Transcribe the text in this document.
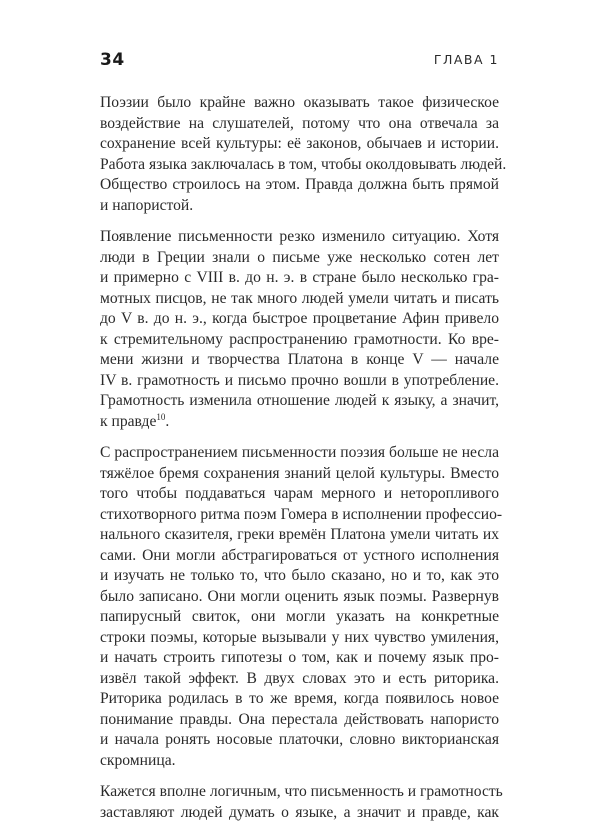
34	ГЛАВА 1
Поэзии было крайне важно оказывать такое физическое
воздействие на слушателей, потому что она отвечала за
сохранение всей культуры: её законов, обычаев и истории.
Работа языка заключалась в том, чтобы околдовывать людей.
Общество строилось на этом. Правда должна быть прямой
и напористой.
Появление письменности резко изменило ситуацию. Хотя
люди в Греции знали о письме уже несколько сотен лет
и примерно с VIII в. до н. э. в стране было несколько гра-
мотных писцов, не так много людей умели читать и писать
до V в. до н. э., когда быстрое процветание Афин привело
к стремительному распространению грамотности. Ко вре-
мени жизни и творчества Платона в конце V — начале
IV в. грамотность и письмо прочно вошли в употребление.
Грамотность изменила отношение людей к языку, а значит,
к правде$^{10}$.
С распространением письменности поэзия больше не несла
тяжёлое бремя сохранения знаний целой культуры. Вместо
того чтобы поддаваться чарам мерного и неторопливого
стихотворного ритма поэм Гомера в исполнении профессио-
нального сказителя, греки времён Платона умели читать их
сами. Они могли абстрагироваться от устного исполнения
и изучать не только то, что было сказано, но и то, как это
было записано. Они могли оценить язык поэмы. Развернув
папирусный свиток, они могли указать на конкретные
строки поэмы, которые вызывали у них чувство умиления,
и начать строить гипотезы о том, как и почему язык про-
извёл такой эффект. В двух словах это и есть риторика.
Риторика родилась в то же время, когда появилось новое
понимание правды. Она перестала действовать напористо
и начала ронять носовые платочки, словно викторианская
скромница.
Кажется вполне логичным, что письменность и грамотность
заставляют людей думать о языке, а значит и правде, как
